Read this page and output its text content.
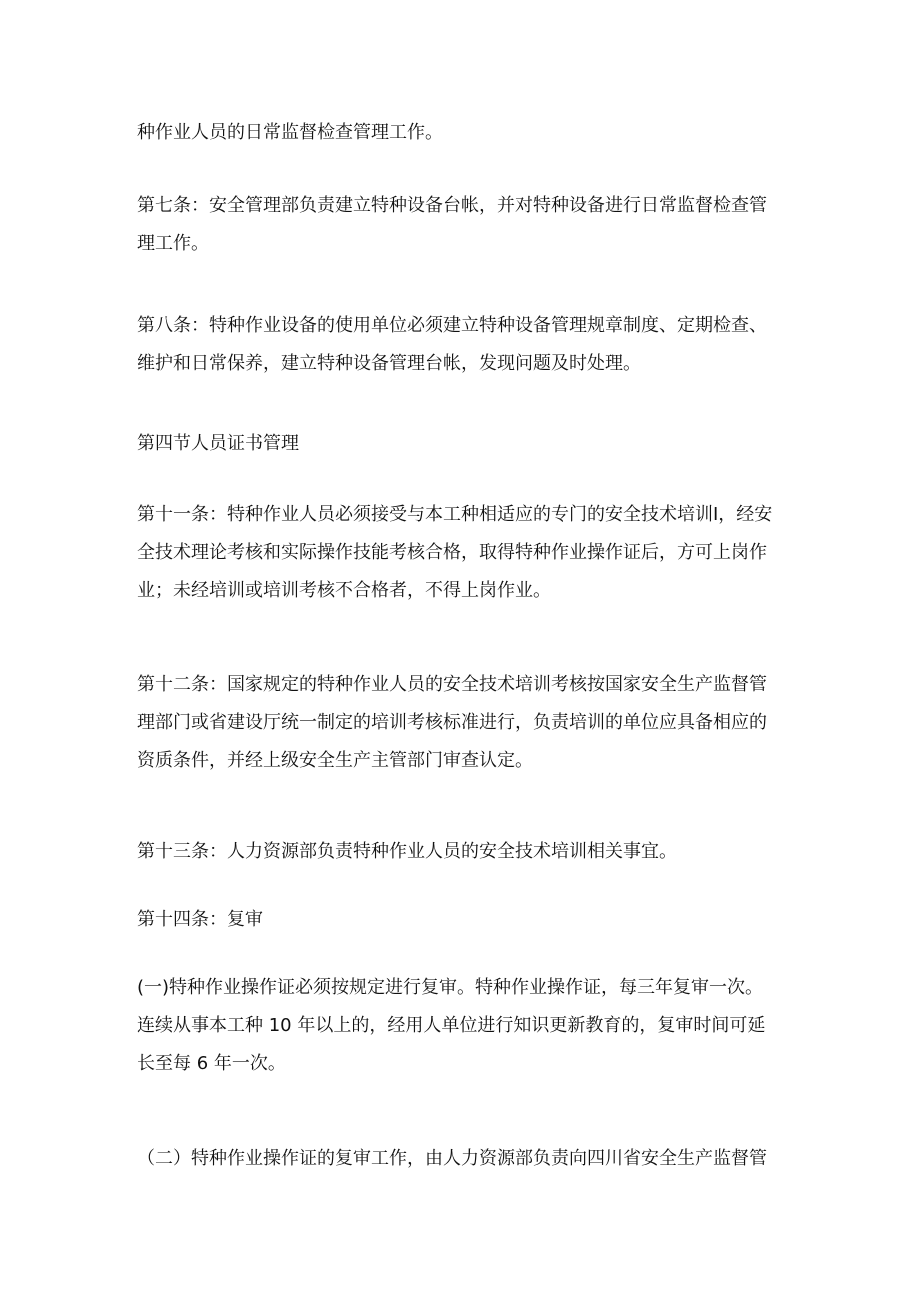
种作业人员的日常监督检查管理工作。

第七条：安全管理部负责建立特种设备台帐，并对特种设备进行日常监督检查管
理工作。

第八条：特种作业设备的使用单位必须建立特种设备管理规章制度、定期检查、
维护和日常保养，建立特种设备管理台帐，发现问题及时处理。

第四节人员证书管理

第十一条：特种作业人员必须接受与本工种相适应的专门的安全技术培训Ⅰ，经安
全技术理论考核和实际操作技能考核合格，取得特种作业操作证后，方可上岗作
业；未经培训或培训考核不合格者，不得上岗作业。

第十二条：国家规定的特种作业人员的安全技术培训考核按国家安全生产监督管
理部门或省建设厅统一制定的培训考核标准进行，负责培训的单位应具备相应的
资质条件，并经上级安全生产主管部门审查认定。

第十三条：人力资源部负责特种作业人员的安全技术培训相关事宜。

第十四条：复审

(一)特种作业操作证必须按规定进行复审。特种作业操作证，每三年复审一次。
连续从事本工种 10 年以上的，经用人单位进行知识更新教育的，复审时间可延
长至每 6 年一次。

（二）特种作业操作证的复审工作，由人力资源部负责向四川省安全生产监督管
